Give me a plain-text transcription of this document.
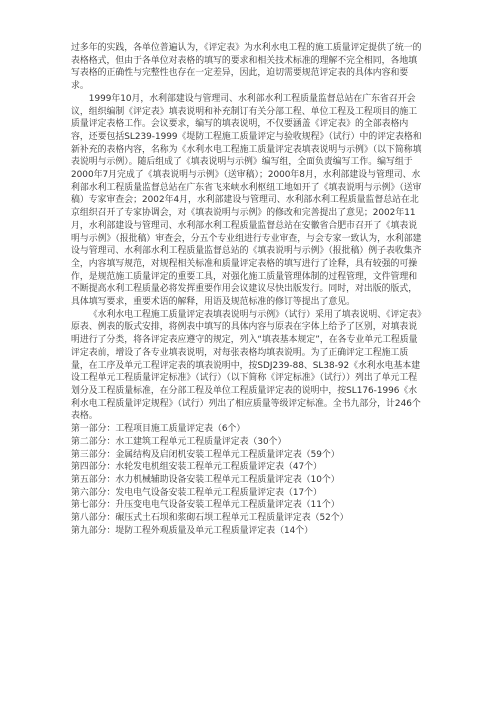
过多年的实践，各单位普遍认为，《评定表》为水利水电工程的施工质量评定提供了统一的表格格式，但由于各单位对表格的填写的要求和相关技术标准的理解不完全相同，各地填写表格的正确性与完整性也存在一定差异，因此，迫切需要规范评定表的具体内容和要求。

1999年10月，水利部建设与管理司、水利部水利工程质量监督总站在广东省召开会议，组织编制《评定表》填表说明和补充制订有关分部工程、单位工程及工程项目的施工质量评定表格工作。会议要求，编写的填表说明，不仅要涵盖《评定表》的全部表格内容，还要包括SL239-1999《堤防工程施工质量评定与验收规程》（试行）中的评定表格和新补充的表格内容，名称为《水利水电工程施工质量评定表填表说明与示例》（以下简称填表说明与示例）。随后组成了《填表说明与示例》编写组，全面负责编写工作。编写组于2000年7月完成了《填表说明与示例》（送审稿）；2000年8月，水利部建设与管理司、水利部水利工程质量监督总站在广东省飞来峡水利枢纽工地如开了《填表说明与示例》（送审稿）专家审查会；2002年4月，水利部建设与管理司、水利部水利工程质量监督总站在北京组织召开了专家协调会，对《填表说明与示例》的修改和完善提出了意见；2002年11月，水利部建设与管理司、水利部水利工程质量监督总站在安徽省合肥市召开了《填表说明与示例》（报批稿）审查会，分五个专业组进行专业审查，与会专家一致认为，水利部建设与管理司、水利部水利工程质量监督总站的《填表说明与示例》（报批稿）例子表收集齐全，内容填写规范，对规程相关标准和质量评定表格的填写进行了诠释，具有较强的可操作，是规范施工质量评定的重要工具，对强化施工质量管理体制的过程管理，文件管理和不断提高水利工程质量必将发挥重要作用会议建议尽快出版发行。同时，对出版的版式，具体填写要求，重要术语的解释，用语及规范标准的修订等提出了意见。

《水利水电工程施工质量评定表填表说明与示例》（试行）采用了填表说明、《评定表》原表、例表的版式安排，将例表中填写的具体内容与原表在字体上给予了区别，对填表说明进行了分类，将各评定表应遵守的规定，列入“填表基本规定”，在各专业单元工程质量评定表前，增设了各专业填表说明，对每张表格均填表说明。为了正确评定工程施工质量，在工序及单元工程评定表的填表说明中，按SDJ239-88、SL38-92《水利水电基本建设工程单元工程质量评定标准》（试行）（以下简称《评定标准》（试行））列出了单元工程划分及工程质量标准，在分部工程及单位工程质量评定表的说明中，按SL176-1996《水利水电工程质量评定规程》（试行）列出了相应质量等级评定标准。全书九部分，计246个表格。

第一部分：工程项目施工质量评定表（6个）
第二部分：水工建筑工程单元工程质量评定表（30个）
第三部分：金属结构及启闭机安装工程单元工程质量评定表（59个）
第四部分：水轮发电机组安装工程单元工程质量评定表（47个）
第五部分：水力机械辅助设备安装工程单元工程质量评定表（10个）
第六部分：发电电气设备安装工程单元工程质量评定表（17个）
第七部分：升压变电电气设备安装工程单元工程质量评定表（11个）
第八部分：碾压式土石坝和浆砌石坝工程单元工程质量评定表（52个）
第九部分：堤防工程外观质量及单元工程质量评定表（14个）
